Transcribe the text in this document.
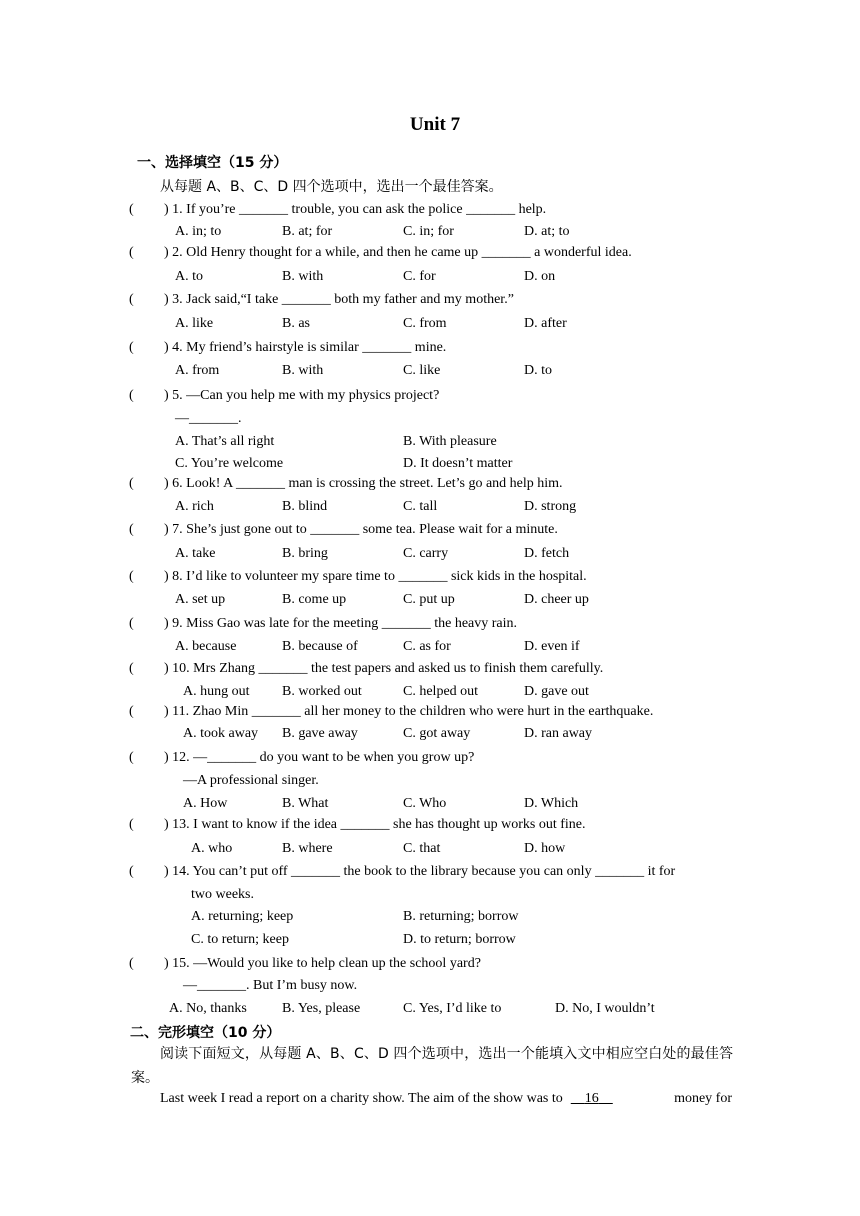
Unit 7
一、选择填空（15 分）
从每题 A、B、C、D 四个选项中，选出一个最佳答案。
( ) 1. If you’re _______ trouble, you can ask the police _______ help.
A. in; to	B. at; for	C. in; for	D. at; to
( ) 2. Old Henry thought for a while, and then he came up _______ a wonderful idea.
A. to	B. with	C. for	D. on
( ) 3. Jack said,“I take _______ both my father and my mother.”
A. like	B. as	C. from	D. after
( ) 4. My friend’s hairstyle is similar _______ mine.
A. from	B. with	C. like	D. to
( ) 5. —Can you help me with my physics project?
—_______.
A. That’s all right	B. With pleasure
C. You’re welcome	D. It doesn’t matter
( ) 6. Look! A _______ man is crossing the street. Let’s go and help him.
A. rich	B. blind	C. tall	D. strong
( ) 7. She’s just gone out to _______ some tea. Please wait for a minute.
A. take	B. bring	C. carry	D. fetch
( ) 8. I’d like to volunteer my spare time to _______ sick kids in the hospital.
A. set up	B. come up	C. put up	D. cheer up
( ) 9. Miss Gao was late for the meeting _______ the heavy rain.
A. because	B. because of	C. as for	D. even if
( ) 10. Mrs Zhang _______ the test papers and asked us to finish them carefully.
A. hung out B. worked out	C. helped out	D. gave out
( ) 11. Zhao Min _______ all her money to the children who were hurt in the earthquake.
A. took away B. gave away	C. got away	D. ran away
( ) 12. —_______ do you want to be when you grow up?
—A professional singer.
A. How	B. What	C. Who	D. Which
( ) 13. I want to know if the idea _______ she has thought up works out fine.
A. who	B. where	C. that	D. how
( ) 14. You can’t put off _______ the book to the library because you can only _______ it for
two weeks.
A. returning; keep	B. returning; borrow
C. to return; keep	D. to return; borrow
( ) 15. —Would you like to help clean up the school yard?
—_______. But I’m busy now.
A. No, thanks	B. Yes, please	C. Yes, I’d like to	D. No, I wouldn’t
二、完形填空（10 分）
阅读下面短文，从每题 A、B、C、D 四个选项中，选出一个能填入文中相应空白处的最佳答案。
Last week I read a report on a charity show. The aim of the show was to 16	money for
